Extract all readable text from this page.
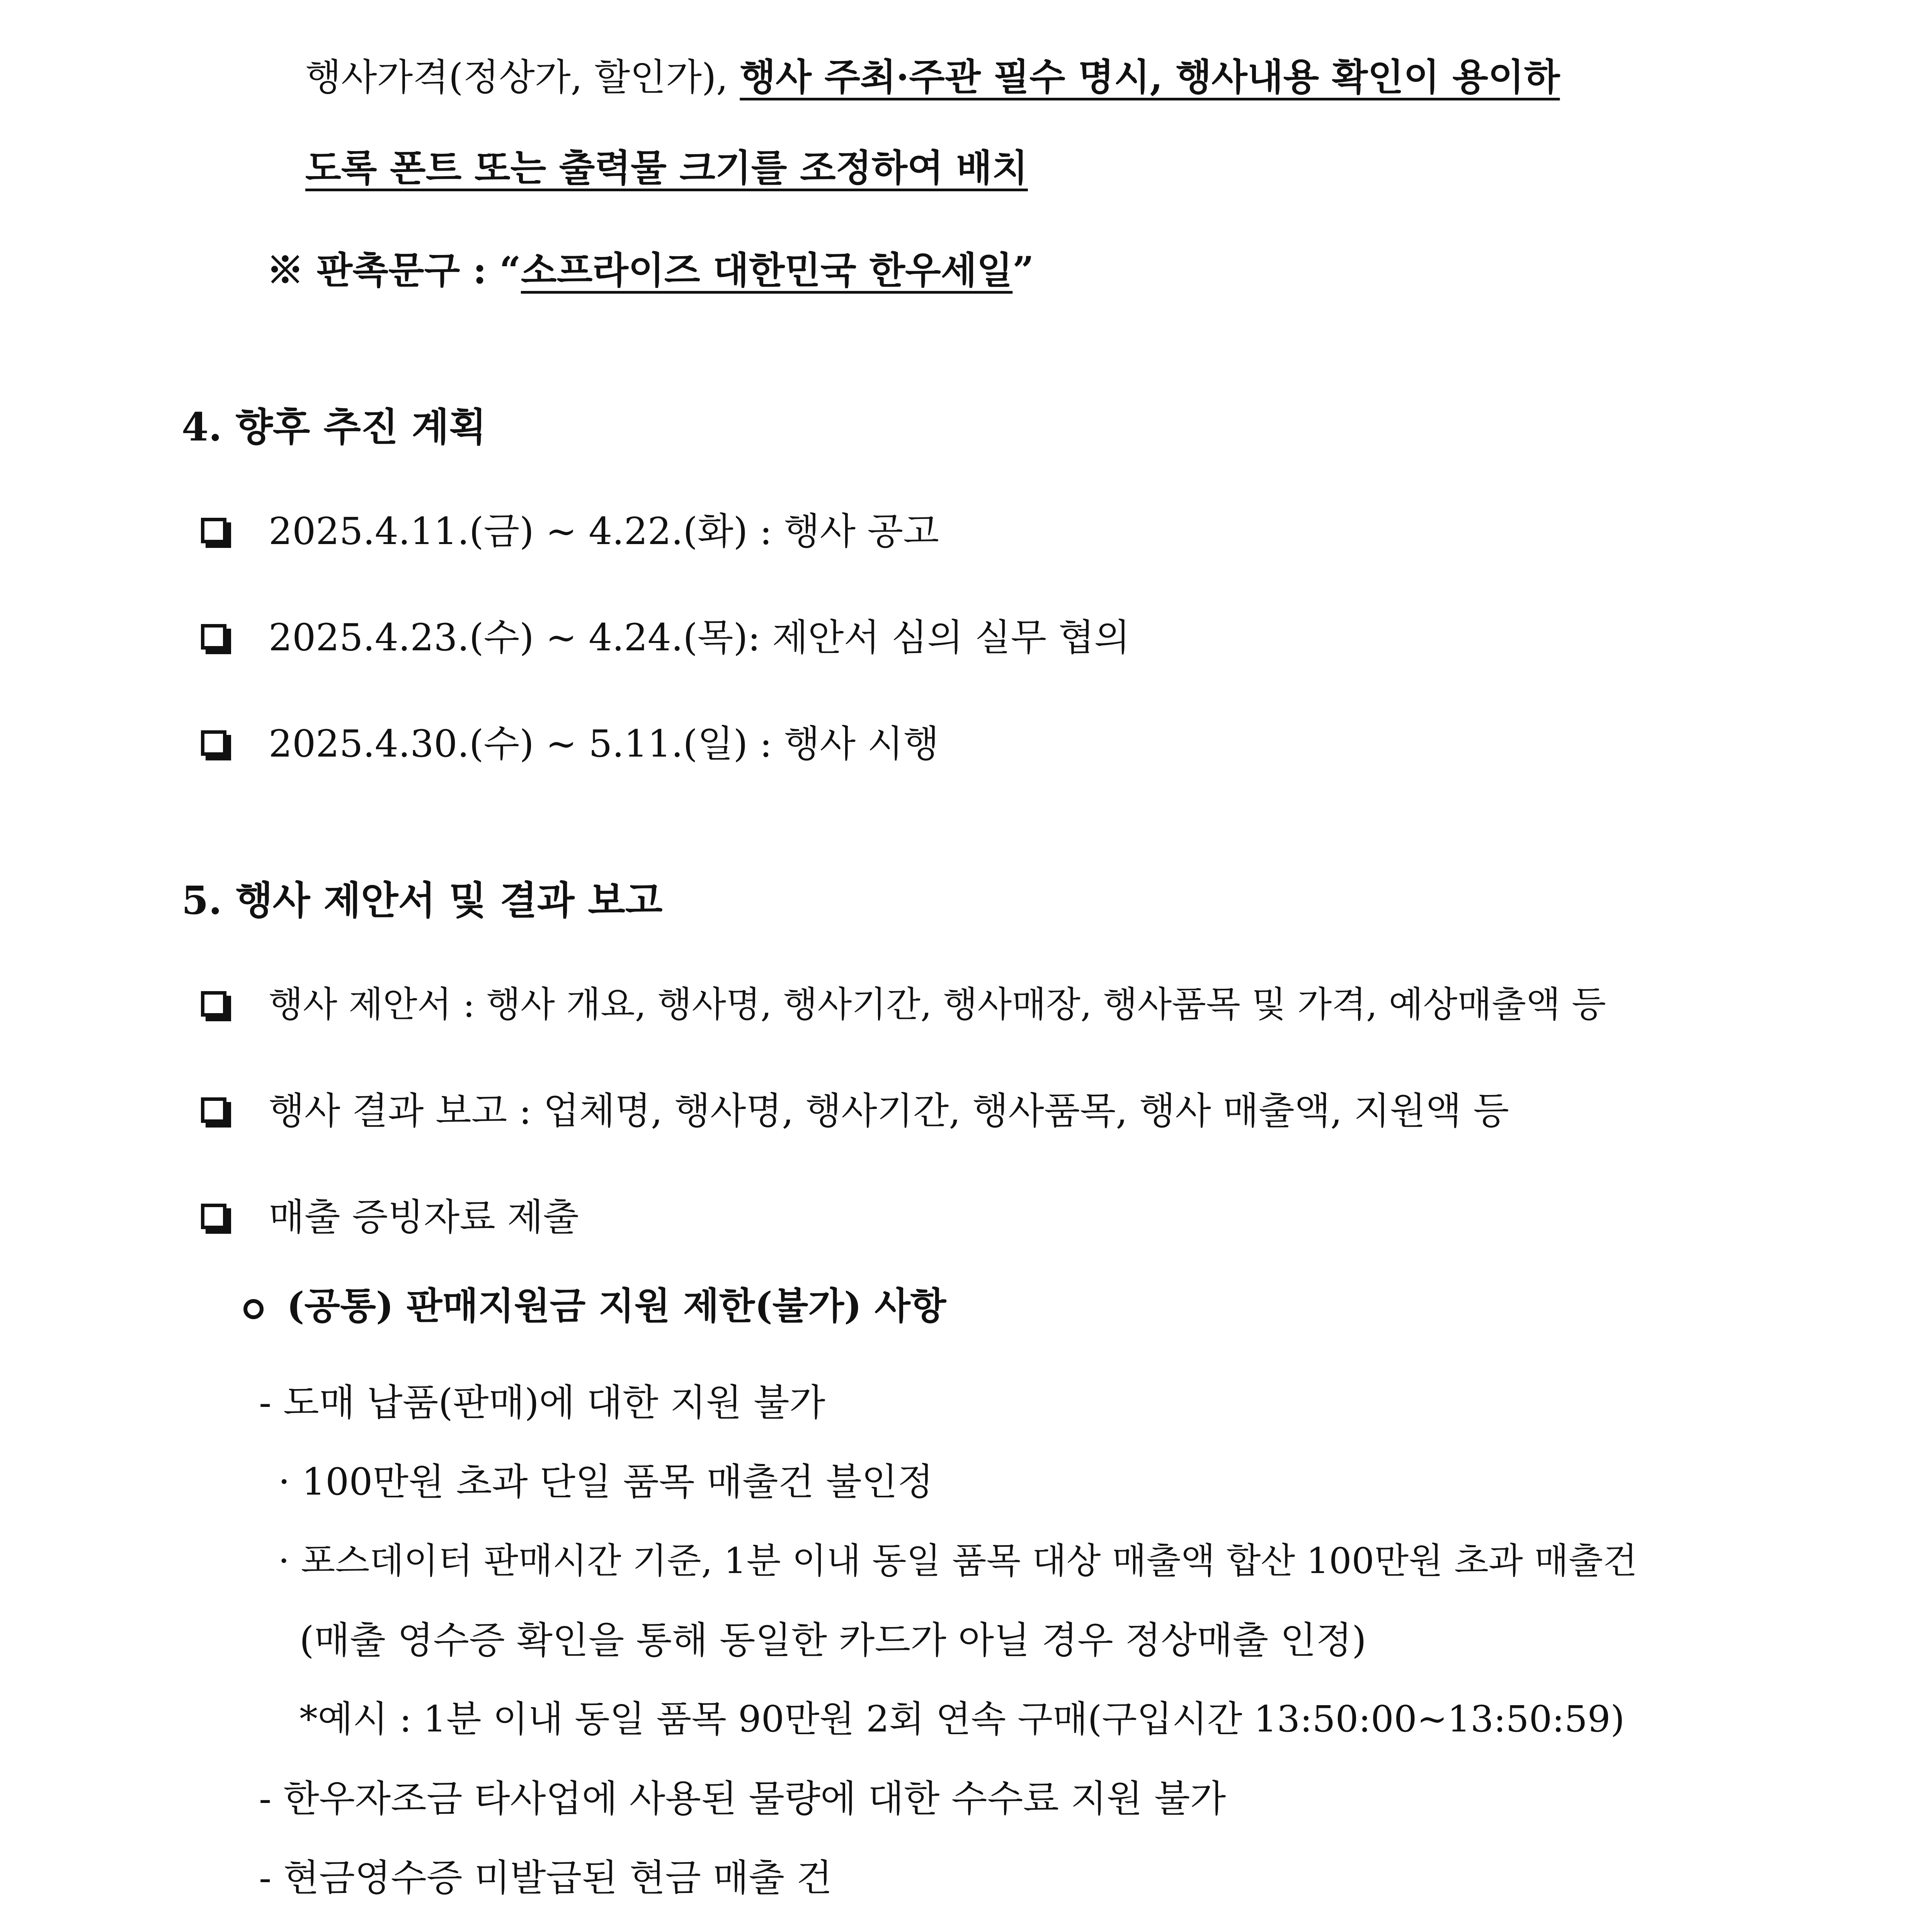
행사가격(정상가, 할인가), 행사 주최·주관 필수 명시, 행사내용 확인이 용이하
도록 폰트 또는 출력물 크기를 조정하여 배치
※ 판촉문구 : “소프라이즈 대한민국 한우세일”
4. 향후 추진 계획
2025.4.11.(금) ~ 4.22.(화) : 행사 공고
2025.4.23.(수) ~ 4.24.(목): 제안서 심의 실무 협의
2025.4.30.(수) ~ 5.11.(일) : 행사 시행
5. 행사 제안서 및 결과 보고
행사 제안서 : 행사 개요, 행사명, 행사기간, 행사매장, 행사품목 및 가격, 예상매출액 등
행사 결과 보고 : 업체명, 행사명, 행사기간, 행사품목, 행사 매출액, 지원액 등
매출 증빙자료 제출
(공통) 판매지원금 지원 제한(불가) 사항
- 도매 납품(판매)에 대한 지원 불가
· 100만원 초과 단일 품목 매출건 불인정
· 포스데이터 판매시간 기준, 1분 이내 동일 품목 대상 매출액 합산 100만원 초과 매출건
(매출 영수증 확인을 통해 동일한 카드가 아닐 경우 정상매출 인정)
*예시 : 1분 이내 동일 품목 90만원 2회 연속 구매(구입시간 13:50:00~13:50:59)
- 한우자조금 타사업에 사용된 물량에 대한 수수료 지원 불가
- 현금영수증 미발급된 현금 매출 건
